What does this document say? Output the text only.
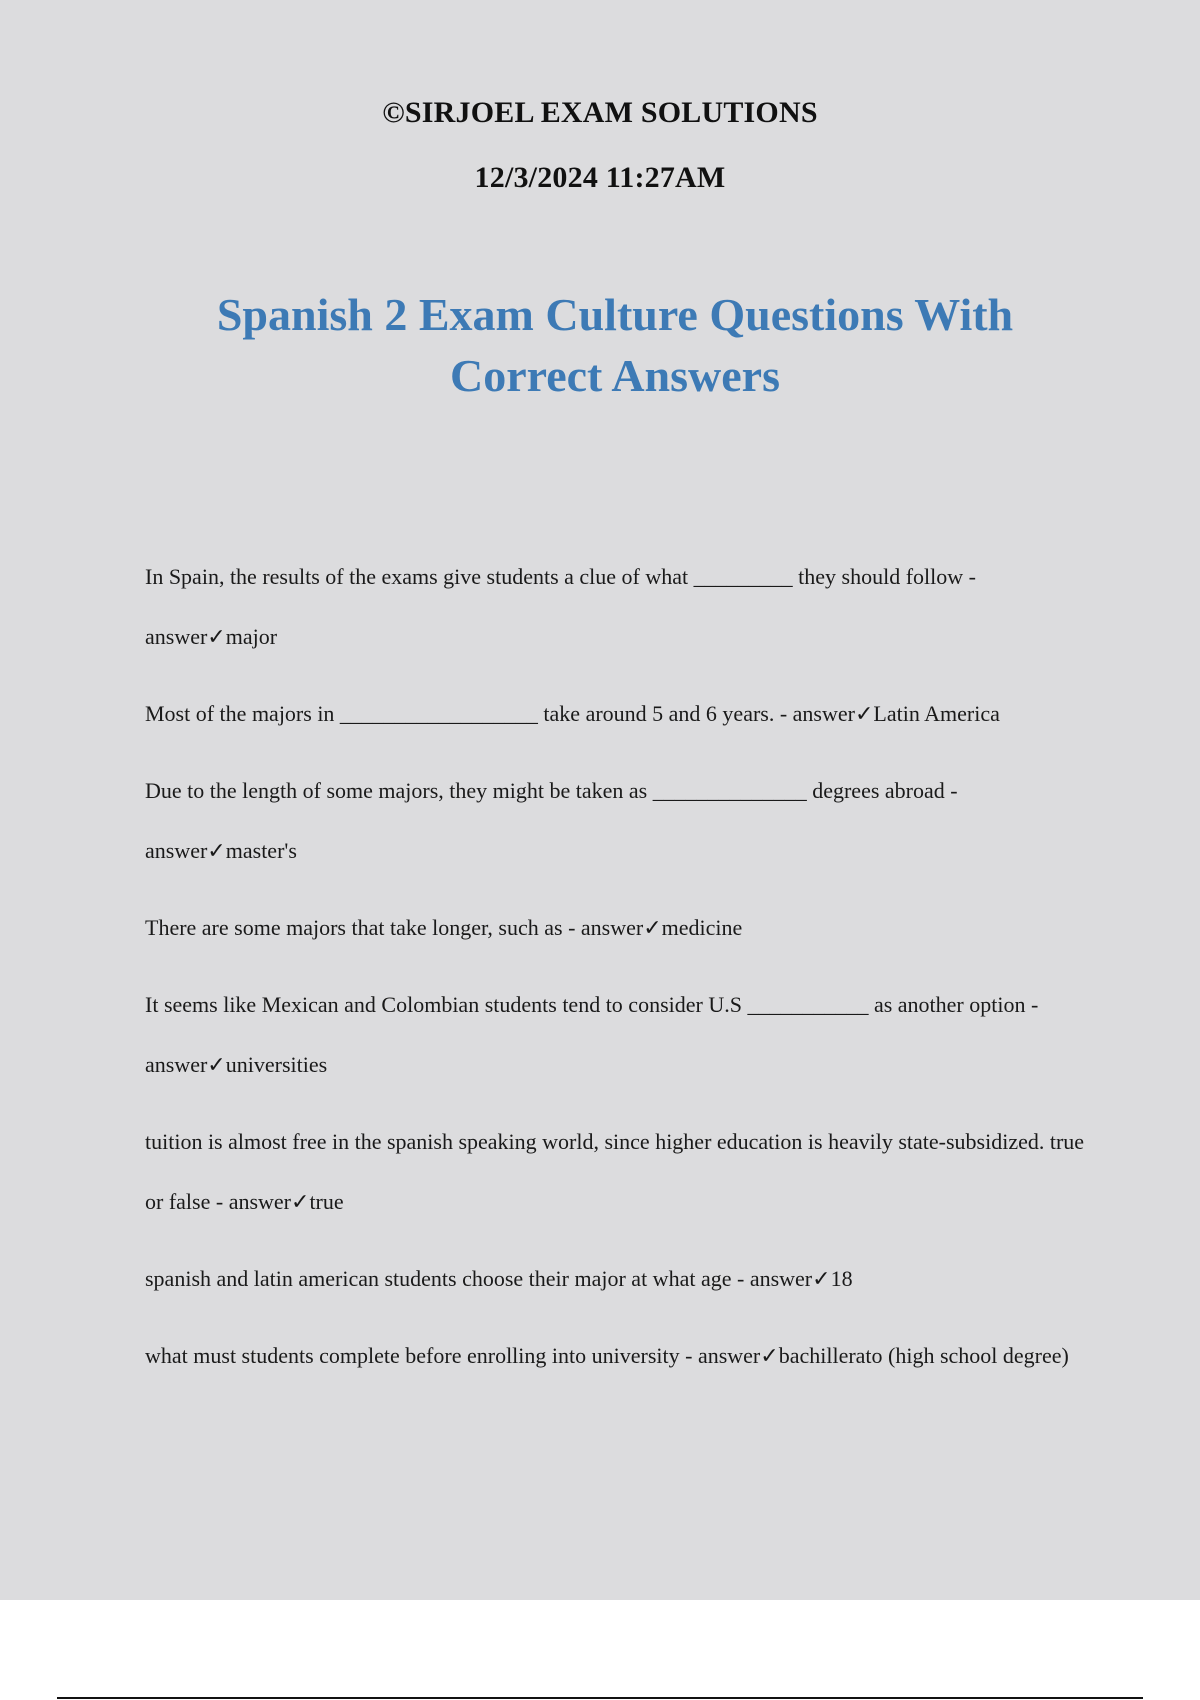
©SIRJOEL EXAM SOLUTIONS
12/3/2024 11:27AM
Spanish 2 Exam Culture Questions With Correct Answers

In Spain, the results of the exams give students a clue of what _________ they should follow - answer✓major

Most of the majors in __________________ take around 5 and 6 years. - answer✓Latin America

Due to the length of some majors, they might be taken as ______________ degrees abroad - answer✓master's

There are some majors that take longer, such as - answer✓medicine

It seems like Mexican and Colombian students tend to consider U.S ___________ as another option - answer✓universities

tuition is almost free in the spanish speaking world, since higher education is heavily state-subsidized. true or false - answer✓true

spanish and latin american students choose their major at what age - answer✓18

what must students complete before enrolling into university - answer✓bachillerato (high school degree)
